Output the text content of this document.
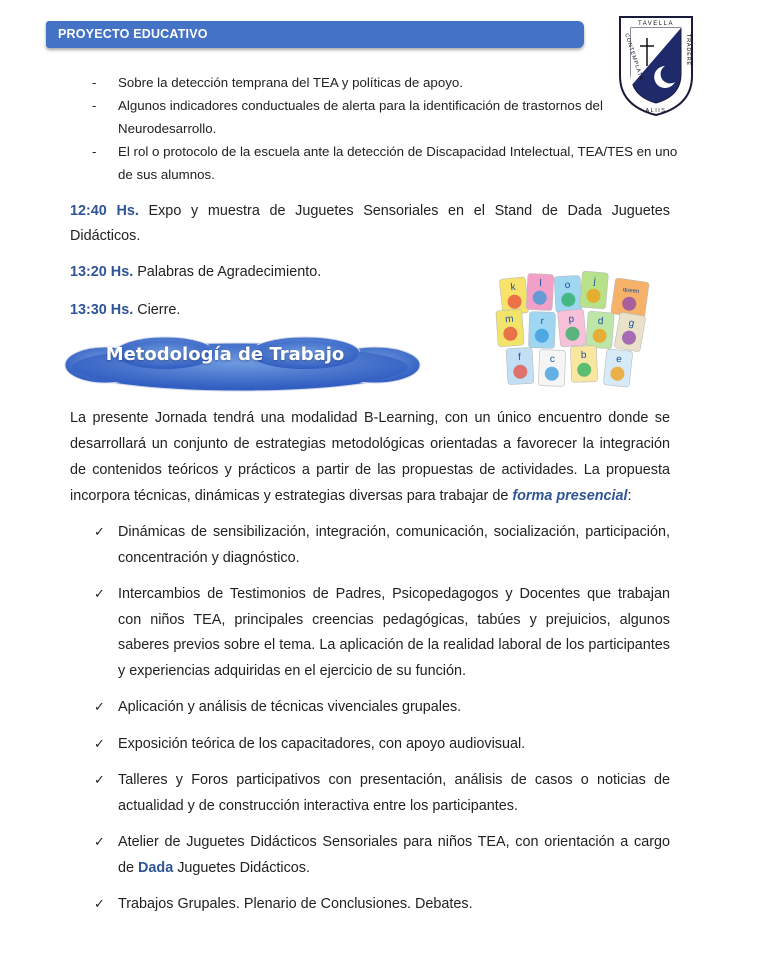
PROYECTO EDUCATIVO
TAVELLA
CONTEMPLATA	TRADERE
ALIIS
- Sobre la detección temprana del TEA y políticas de apoyo.
- Algunos indicadores conductuales de alerta para la identificación de trastornos del Neurodesarrollo.
- El rol o protocolo de la escuela ante la detección de Discapacidad Intelectual, TEA/TES en uno de sus alumnos.
12:40 Hs. Expo y muestra de Juguetes Sensoriales en el Stand de Dada Juguetes Didácticos.
13:20 Hs. Palabras de Agradecimiento.
13:30 Hs. Cierre.
k l o j
queen
m	r p d g
f	c	b	e
Metodología de Trabajo
La presente Jornada tendrá una modalidad B-Learning, con un único encuentro donde se desarrollará un conjunto de estrategias metodológicas orientadas a favorecer la integración de contenidos teóricos y prácticos a partir de las propuestas de actividades. La propuesta incorpora técnicas, dinámicas y estrategias diversas para trabajar de forma presencial:
✓ Dinámicas de sensibilización, integración, comunicación, socialización, participación, concentración y diagnóstico.
✓ Intercambios de Testimonios de Padres, Psicopedagogos y Docentes que trabajan con niños TEA, principales creencias pedagógicas, tabúes y prejuicios, algunos saberes previos sobre el tema. La aplicación de la realidad laboral de los participantes y experiencias adquiridas en el ejercicio de su función.
✓ Aplicación y análisis de técnicas vivenciales grupales.
✓ Exposición teórica de los capacitadores, con apoyo audiovisual.
✓ Talleres y Foros participativos con presentación, análisis de casos o noticias de actualidad y de construcción interactiva entre los participantes.
✓ Atelier de Juguetes Didácticos Sensoriales para niños TEA, con orientación a cargo de Dada Juguetes Didácticos.
✓ Trabajos Grupales. Plenario de Conclusiones. Debates.
